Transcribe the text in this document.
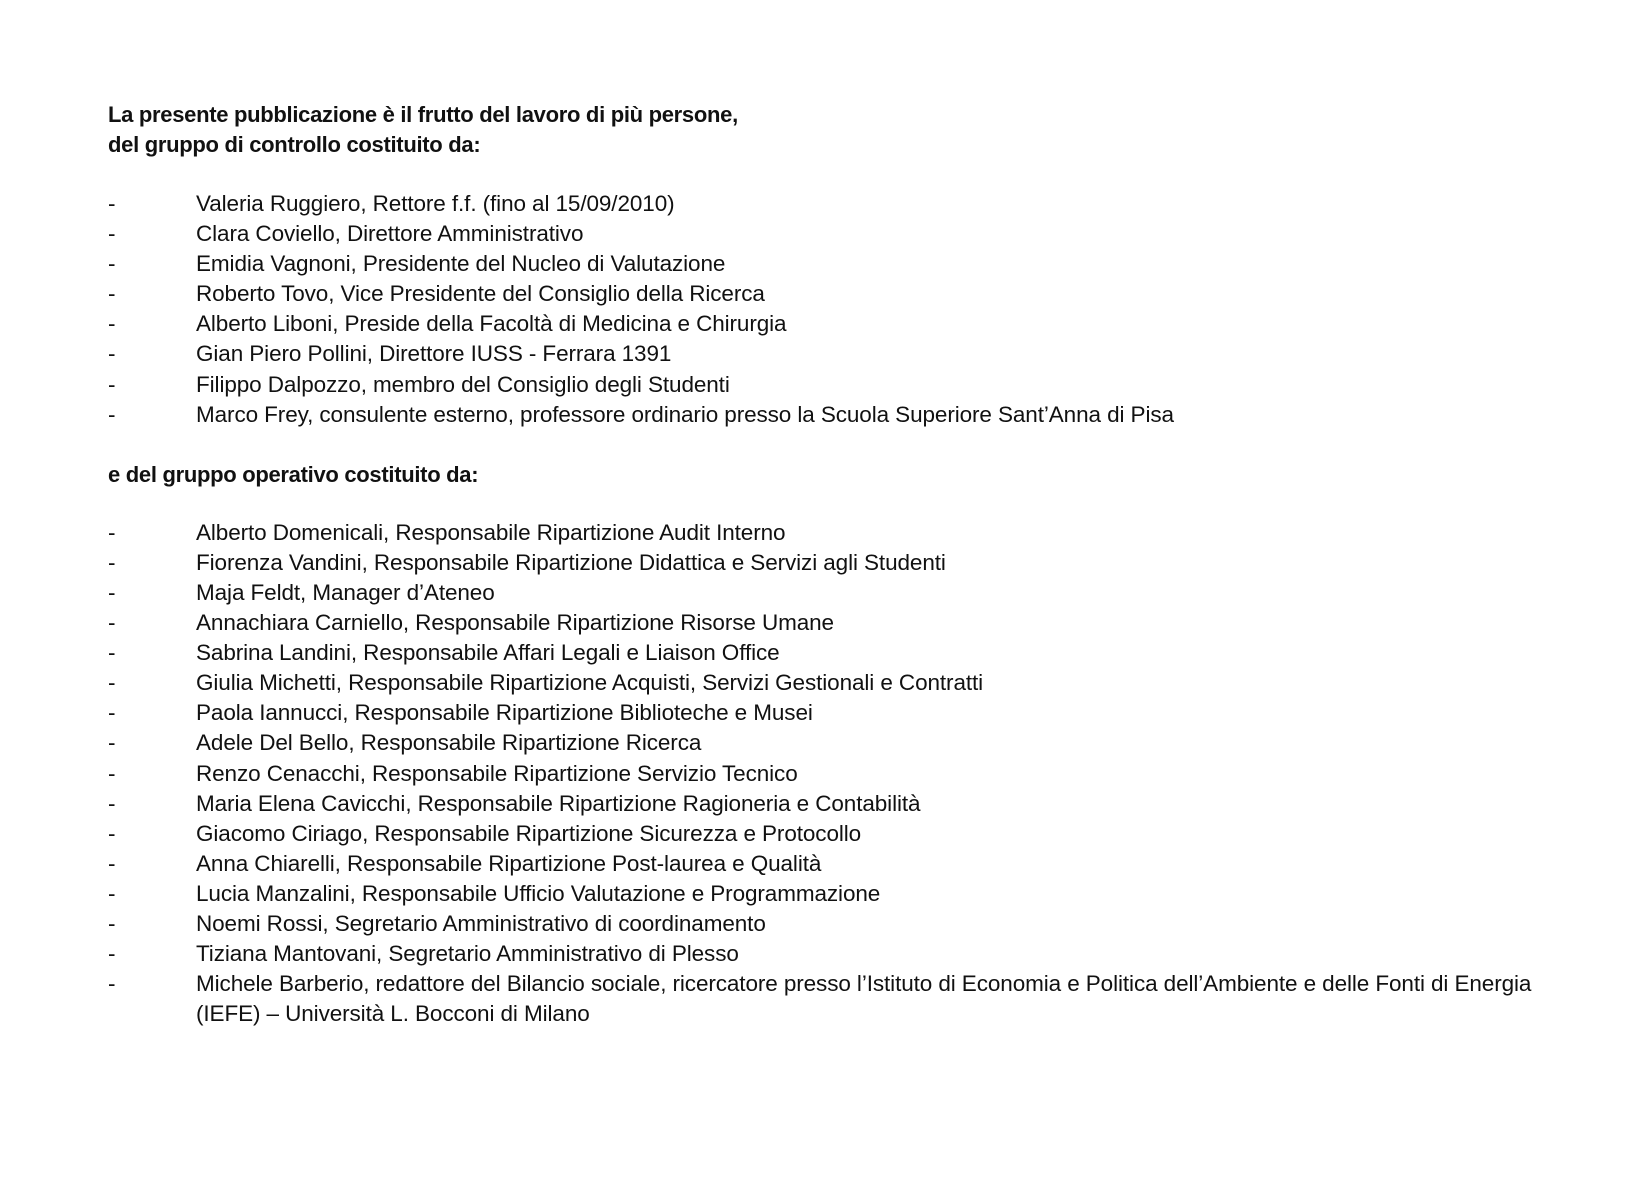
La presente pubblicazione è il frutto del lavoro di più persone,
del gruppo di controllo costituito da:

-	Valeria Ruggiero, Rettore f.f. (fino al 15/09/2010)
-	Clara Coviello, Direttore Amministrativo
-	Emidia Vagnoni, Presidente del Nucleo di Valutazione
-	Roberto Tovo, Vice Presidente del Consiglio della Ricerca
-	Alberto Liboni, Preside della Facoltà di Medicina e Chirurgia
-	Gian Piero Pollini, Direttore IUSS - Ferrara 1391
-	Filippo Dalpozzo, membro del Consiglio degli Studenti
-	Marco Frey, consulente esterno, professore ordinario presso la Scuola Superiore Sant’Anna di Pisa

e del gruppo operativo costituito da:

-	Alberto Domenicali, Responsabile Ripartizione Audit Interno
-	Fiorenza Vandini, Responsabile Ripartizione Didattica e Servizi agli Studenti
-	Maja Feldt, Manager d’Ateneo
-	Annachiara Carniello, Responsabile Ripartizione Risorse Umane
-	Sabrina Landini, Responsabile Affari Legali e Liaison Office
-	Giulia Michetti, Responsabile Ripartizione Acquisti, Servizi Gestionali e Contratti
-	Paola Iannucci, Responsabile Ripartizione Biblioteche e Musei
-	Adele Del Bello, Responsabile Ripartizione Ricerca
-	Renzo Cenacchi, Responsabile Ripartizione Servizio Tecnico
-	Maria Elena Cavicchi, Responsabile Ripartizione Ragioneria e Contabilità
-	Giacomo Ciriago, Responsabile Ripartizione Sicurezza e Protocollo
-	Anna Chiarelli, Responsabile Ripartizione Post-laurea e Qualità
-	Lucia Manzalini, Responsabile Ufficio Valutazione e Programmazione
-	Noemi Rossi, Segretario Amministrativo di coordinamento
-	Tiziana Mantovani, Segretario Amministrativo di Plesso
-	Michele Barberio, redattore del Bilancio sociale, ricercatore presso l’Istituto di Economia e Politica dell’Ambiente e delle Fonti di Energia (IEFE) – Università L. Bocconi di Milano
